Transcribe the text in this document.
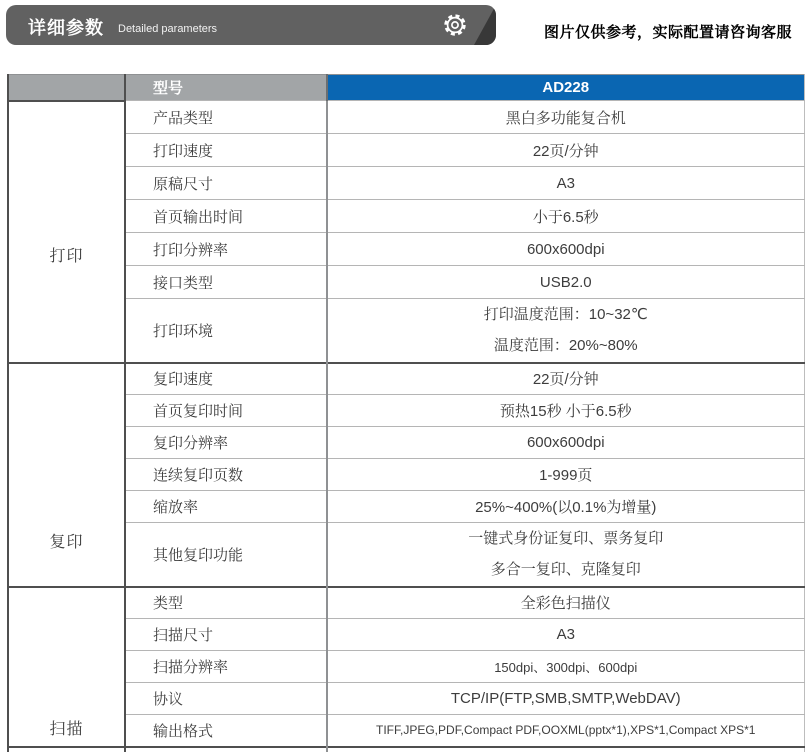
详细参数 Detailed parameters	图片仅供参考，实际配置请咨询客服
	型号	AD228

打印	产品类型	黑白多功能复合机
	打印速度	22页/分钟
	原稿尺寸	A3
	首页输出时间	小于6.5秒
	打印分辨率	600x600dpi
	接口类型	USB2.0
	打印环境	打印温度范围：10~32℃
温度范围：20%~80%

复印	复印速度	22页/分钟
	首页复印时间	预热15秒 小于6.5秒
	复印分辨率	600x600dpi
	连续复印页数	1-999页
	缩放率	25%~400%(以0.1%为增量)
	其他复印功能	一键式身份证复印、票务复印
多合一复印、克隆复印

扫描	类型	全彩色扫描仪
	扫描尺寸	A3
	扫描分辨率	150dpi、300dpi、600dpi
	协议	TCP/IP(FTP,SMB,SMTP,WebDAV)
	输出格式	TIFF,JPEG,PDF,Compact PDF,OOXML(pptx*1),XPS*1,Compact XPS*1
